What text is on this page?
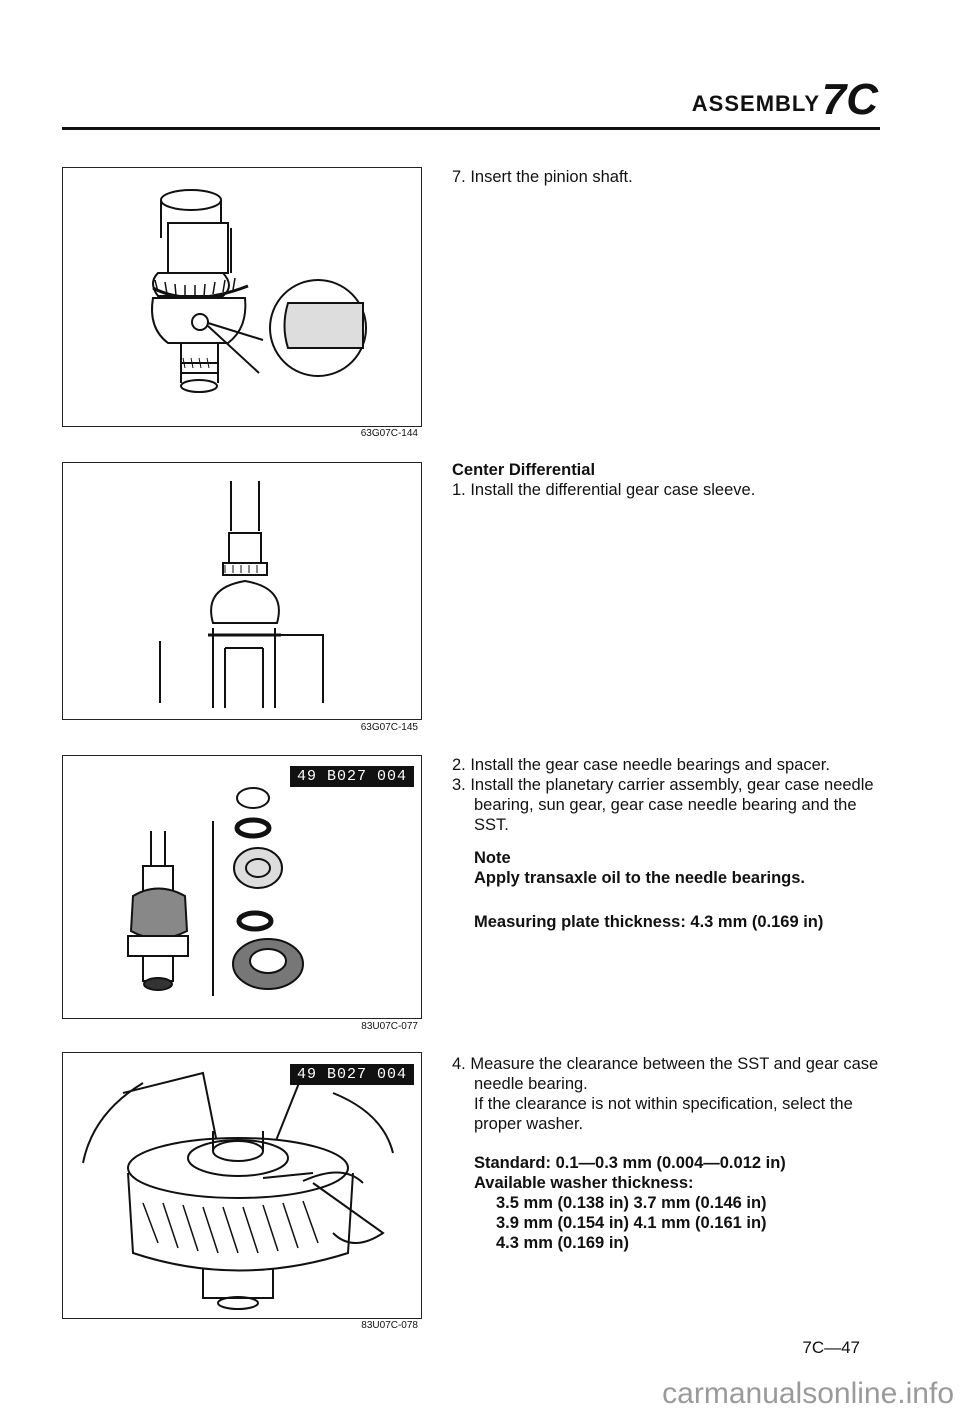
ASSEMBLY 7C
63G07C-144
63G07C-145
49 B027 004
83U07C-077
49 B027 004
83U07C-078
7. Insert the pinion shaft.
Center Differential
1. Install the differential gear case sleeve.
2. Install the gear case needle bearings and spacer.
3. Install the planetary carrier assembly, gear case needle bearing, sun gear, gear case needle bearing and the SST.
Note
Apply transaxle oil to the needle bearings.
Measuring plate thickness: 4.3 mm (0.169 in)
4. Measure the clearance between the SST and gear case needle bearing.
If the clearance is not within specification, select the proper washer.
Standard: 0.1—0.3 mm (0.004—0.012 in)
Available washer thickness:
3.5 mm (0.138 in) 3.7 mm (0.146 in)
3.9 mm (0.154 in) 4.1 mm (0.161 in)
4.3 mm (0.169 in)
7C—47
carmanualsonline.info
